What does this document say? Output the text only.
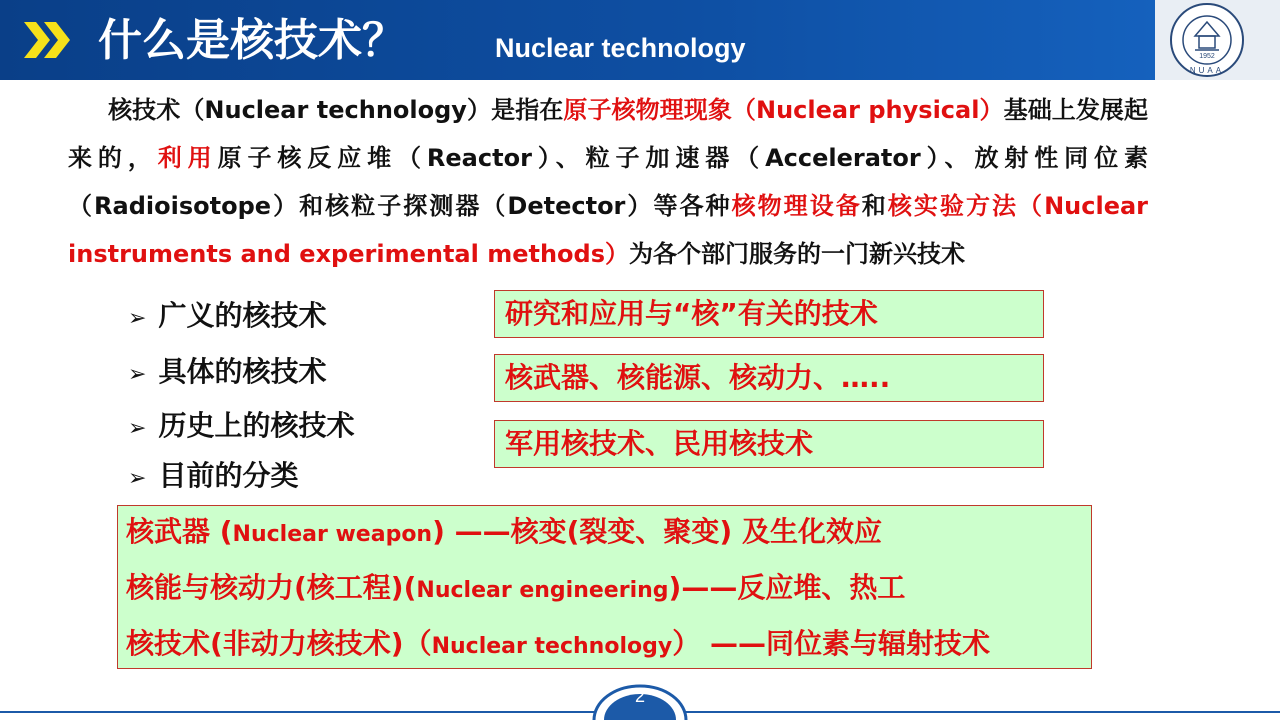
什么是核技术？	Nuclear technology	1952
NUAA
核技术（Nuclear technology）是指在原子核物理现象（Nuclear physical）基础上发展起来的，利用原子核反应堆（Reactor）、粒子加速器（Accelerator）、放射性同位素（Radioisotope）和核粒子探测器（Detector）等各种核物理设备和核实验方法（Nuclear instruments and experimental methods）为各个部门服务的一门新兴技术
➢ 广义的核技术
➢ 具体的核技术
➢ 历史上的核技术
➢ 目前的分类
研究和应用与“核”有关的技术
核武器、核能源、核动力、…..
军用核技术、民用核技术
核武器 (Nuclear weapon) ——核变(裂变、聚变) 及生化效应
核能与核动力(核工程)(Nuclear engineering)——反应堆、热工
核技术(非动力核技术)（Nuclear technology） ——同位素与辐射技术
2
